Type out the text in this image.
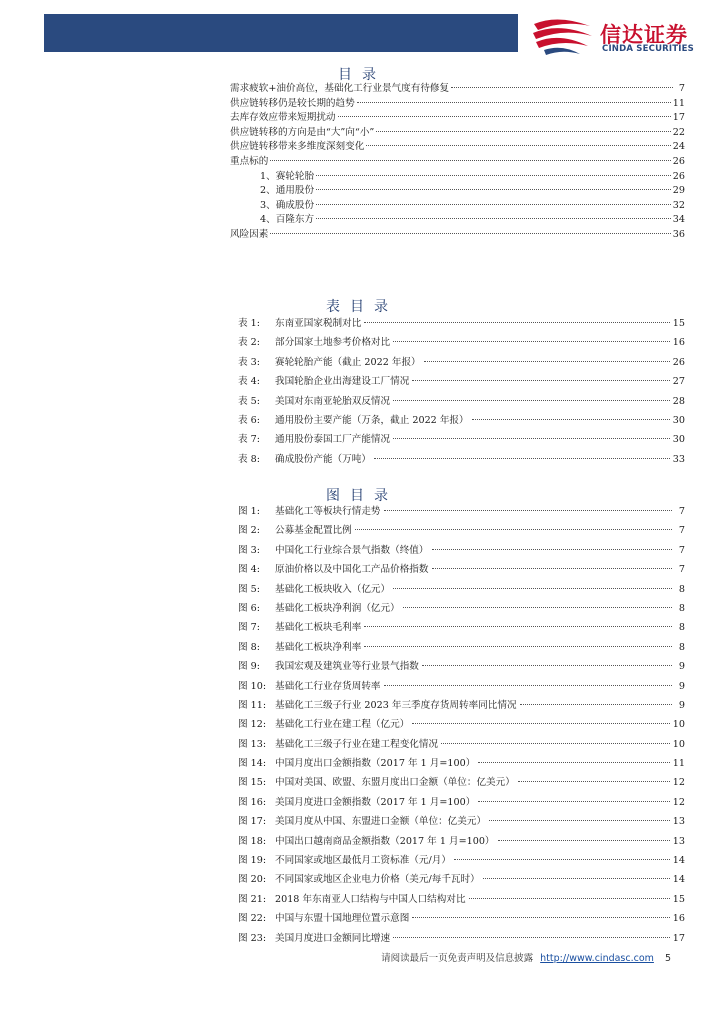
信达证券
CINDA SECURITIES
目录
需求疲软+油价高位，基础化工行业景气度有待修复	7
供应链转移仍是较长期的趋势	11
去库存效应带来短期扰动	17
供应链转移的方向是由“大”向“小”	22
供应链转移带来多维度深刻变化	24
重点标的	26
1、赛轮轮胎	26
2、通用股份	29
3、确成股份	32
4、百隆东方	34
风险因素	36
表目录
表 1:	东南亚国家税制对比	15
表 2:	部分国家土地参考价格对比	16
表 3:	赛轮轮胎产能（截止 2022 年报）	26
表 4:	我国轮胎企业出海建设工厂情况	27
表 5:	美国对东南亚轮胎双反情况	28
表 6:	通用股份主要产能（万条，截止 2022 年报）	30
表 7:	通用股份泰国工厂产能情况	30
表 8:	确成股份产能（万吨）	33
图目录
图 1:	基础化工等板块行情走势	7
图 2:	公募基金配置比例	7
图 3:	中国化工行业综合景气指数（终值）	7
图 4:	原油价格以及中国化工产品价格指数	7
图 5:	基础化工板块收入（亿元）	8
图 6:	基础化工板块净利润（亿元）	8
图 7:	基础化工板块毛利率	8
图 8:	基础化工板块净利率	8
图 9:	我国宏观及建筑业等行业景气指数	9
图 10: 基础化工行业存货周转率	9
图 11: 基础化工三级子行业 2023 年三季度存货周转率同比情况	9
图 12: 基础化工行业在建工程（亿元）	10
图 13: 基础化工三级子行业在建工程变化情况	10
图 14: 中国月度出口金额指数（2017 年 1 月=100）	11
图 15: 中国对美国、欧盟、东盟月度出口金额（单位：亿美元）	12
图 16: 美国月度进口金额指数（2017 年 1 月=100）	12
图 17: 美国月度从中国、东盟进口金额（单位：亿美元）	13
图 18: 中国出口越南商品金额指数（2017 年 1 月=100）	13
图 19: 不同国家或地区最低月工资标准（元/月）	14
图 20: 不同国家或地区企业电力价格（美元/每千瓦时）	14
图 21: 2018 年东南亚人口结构与中国人口结构对比	15
图 22: 中国与东盟十国地理位置示意图	16
图 23: 美国月度进口金额同比增速	17
请阅读最后一页免责声明及信息披露 http://www.cindasc.com 5
